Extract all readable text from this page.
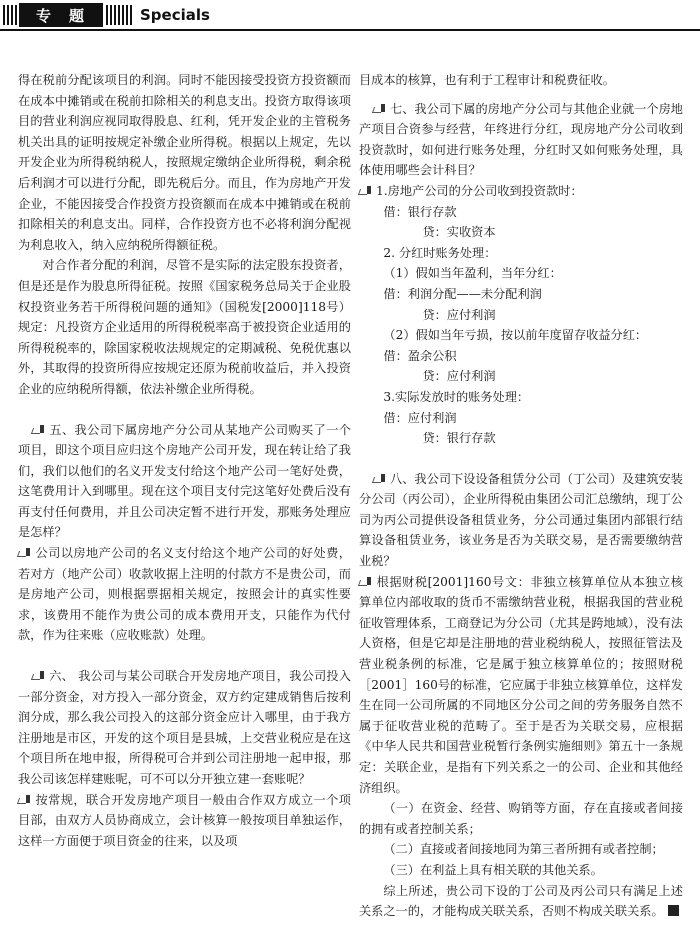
专题	Specials

得在税前分配该项目的利润。同时不能因接受投资方投资额而在成本中摊销或在税前扣除相关的利息支出。投资方取得该项目的营业利润应视同取得股息、红利，凭开发企业的主管税务机关出具的证明按规定补缴企业所得税。根据以上规定，先以开发企业为所得税纳税人，按照规定缴纳企业所得税，剩余税后利润才可以进行分配，即先税后分。而且，作为房地产开发企业，不能因接受合作投资方投资额而在成本中摊销或在税前扣除相关的利息支出。同样，合作投资方也不必将利润分配视为利息收入，纳入应纳税所得额征税。

对合作者分配的利润，尽管不是实际的法定股东投资者，但是还是作为股息所得征税。按照《国家税务总局关于企业股权投资业务若干所得税问题的通知》（国税发[2000]118号）规定：凡投资方企业适用的所得税税率高于被投资企业适用的所得税税率的，除国家税收法规规定的定期减税、免税优惠以外，其取得的投资所得应按规定还原为税前收益后，并入投资企业的应纳税所得额，依法补缴企业所得税。

五、我公司下属房地产分公司从某地产公司购买了一个项目，即这个项目应归这个房地产公司开发，现在转让给了我们，我们以他们的名义开发支付给这个地产公司一笔好处费，这笔费用计入到哪里。现在这个项目支付完这笔好处费后没有再支付任何费用，并且公司决定暂不进行开发，那账务处理应是怎样？

公司以房地产公司的名义支付给这个地产公司的好处费，若对方（地产公司）收款收据上注明的付款方不是贵公司，而是房地产公司，则根据票据相关规定，按照会计的真实性要求，该费用不能作为贵公司的成本费用开支，只能作为代付款，作为往来账（应收账款）处理。

六、 我公司与某公司联合开发房地产项目，我公司投入一部分资金，对方投入一部分资金，双方约定建成销售后按利润分成，那么我公司投入的这部分资金应计入哪里，由于我方注册地是市区，开发的这个项目是县城，上交营业税应是在这个项目所在地申报，所得税可合并到公司注册地一起申报，那我公司该怎样建账呢，可不可以分开独立建一套账呢？

按常规，联合开发房地产项目一般由合作双方成立一个项目部，由双方人员协商成立，会计核算一般按项目单独运作，这样一方面便于项目资金的往来，以及项

目成本的核算，也有利于工程审计和税费征收。

七、我公司下属的房地产分公司与其他企业就一个房地产项目合资参与经营，年终进行分红，现房地产分公司收到投资款时，如何进行账务处理，分红时又如何账务处理，具体使用哪些会计科目？

1.房地产公司的分公司收到投资款时：

借：银行存款

贷：实收资本

2. 分红时账务处理：

（1）假如当年盈利，当年分红：

借：利润分配——未分配利润

贷：应付利润

（2）假如当年亏损，按以前年度留存收益分红：

借：盈余公积

贷：应付利润

3.实际发放时的账务处理：

借：应付利润

贷：银行存款

八、我公司下设设备租赁分公司（丁公司）及建筑安装分公司（丙公司），企业所得税由集团公司汇总缴纳，现丁公司为丙公司提供设备租赁业务，分公司通过集团内部银行结算设备租赁业务，该业务是否为关联交易，是否需要缴纳营业税？

根据财税[2001]160号文：非独立核算单位从本独立核算单位内部收取的货币不需缴纳营业税，根据我国的营业税征收管理体系，工商登记为分公司（尤其是跨地域），没有法人资格，但是它却是注册地的营业税纳税人，按照征管法及营业税条例的标准，它是属于独立核算单位的；按照财税［2001］160号的标准，它应属于非独立核算单位，这样发生在同一公司所属的不同地区分公司之间的劳务服务自然不属于征收营业税的范畴了。至于是否为关联交易，应根据《中华人民共和国营业税暂行条例实施细则》第五十一条规定：关联企业，是指有下列关系之一的公司、企业和其他经济组织。

（一）在资金、经营、购销等方面，存在直接或者间接的拥有或者控制关系；

（二）直接或者间接地同为第三者所拥有或者控制；

（三）在利益上具有相关联的其他关系。

综上所述，贵公司下设的丁公司及丙公司只有满足上述关系之一的，才能构成关联关系，否则不构成关联关系。
